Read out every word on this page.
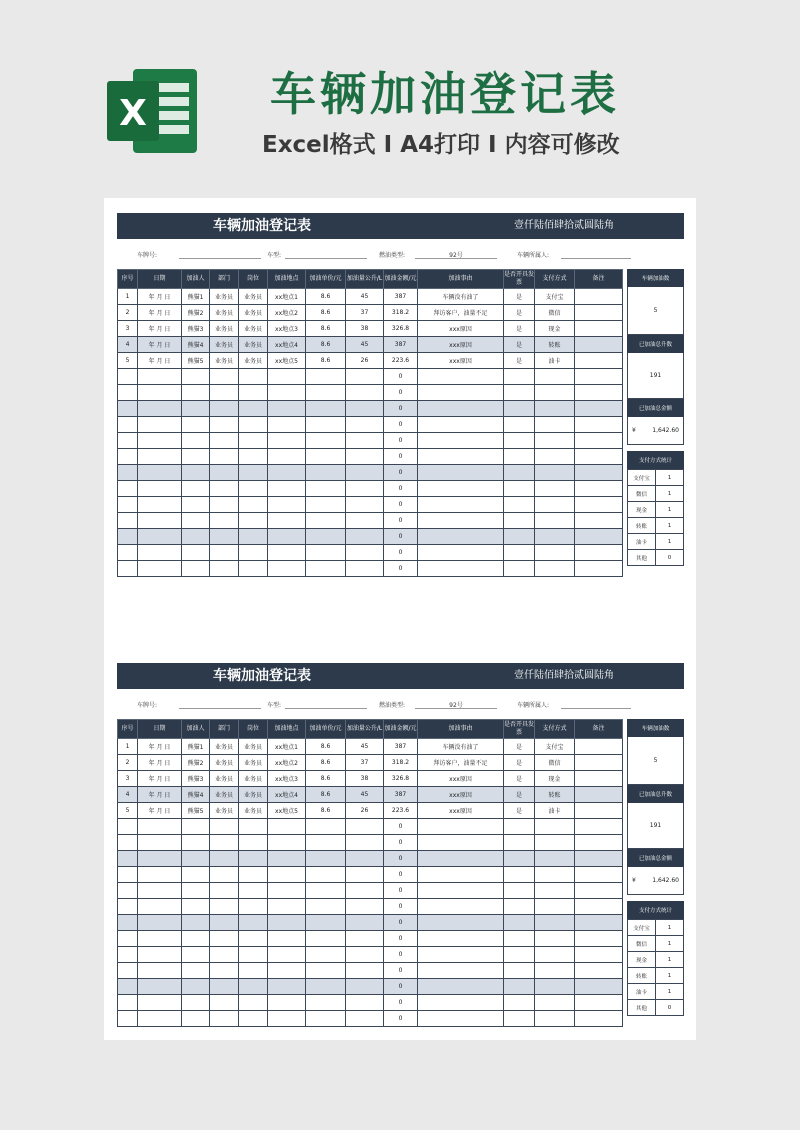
X	车辆加油登记表
Excel格式 I A4打印 I 内容可修改
车辆加油登记表	壹仟陆佰肆拾贰圆陆角
车牌号:	车型:	燃油类型:	车辆所属人:
92号
序号	日期	加油人	部门	岗位	加油地点	加油单价/元	加油量公升/L	加油金额/元	加油事由	是否开具发票	支付方式	备注
1	年 月 日	熊猫1	业务员	业务员	xx地点1	8.6	45	387	车辆没有油了	是	支付宝	
2	年 月 日	熊猫2	业务员	业务员	xx地点2	8.6	37	318.2	拜访客户，油量不足	是	微信	
3	年 月 日	熊猫3	业务员	业务员	xx地点3	8.6	38	326.8	xxx原因	是	现金	
4	年 月 日	熊猫4	业务员	业务员	xx地点4	8.6	45	387	xxx原因	是	转账	
5	年 月 日	熊猫5	业务员	业务员	xx地点5	8.6	26	223.6	xxx原因	是	油卡	
								0				
								0				
								0				
								0				
								0				
								0				
								0				
								0				
								0				
								0				
								0				
								0				
								0				
车辆加油数
5
已加油总升数
191
已加油总金额
¥	1,642.60
支付方式统计
支付宝	1
微信	1
现金	1
转账	1
油卡	1
其他	0
车辆加油登记表	壹仟陆佰肆拾贰圆陆角
车牌号:	车型:	燃油类型:	车辆所属人:
92号
序号	日期	加油人	部门	岗位	加油地点	加油单价/元	加油量公升/L	加油金额/元	加油事由	是否开具发票	支付方式	备注
1	年 月 日	熊猫1	业务员	业务员	xx地点1	8.6	45	387	车辆没有油了	是	支付宝	
2	年 月 日	熊猫2	业务员	业务员	xx地点2	8.6	37	318.2	拜访客户，油量不足	是	微信	
3	年 月 日	熊猫3	业务员	业务员	xx地点3	8.6	38	326.8	xxx原因	是	现金	
4	年 月 日	熊猫4	业务员	业务员	xx地点4	8.6	45	387	xxx原因	是	转账	
5	年 月 日	熊猫5	业务员	业务员	xx地点5	8.6	26	223.6	xxx原因	是	油卡	
								0				
								0				
								0				
								0				
								0				
								0				
								0				
								0				
								0				
								0				
								0				
								0				
								0				
车辆加油数
5
已加油总升数
191
已加油总金额
¥	1,642.60
支付方式统计
支付宝	1
微信	1
现金	1
转账	1
油卡	1
其他	0
